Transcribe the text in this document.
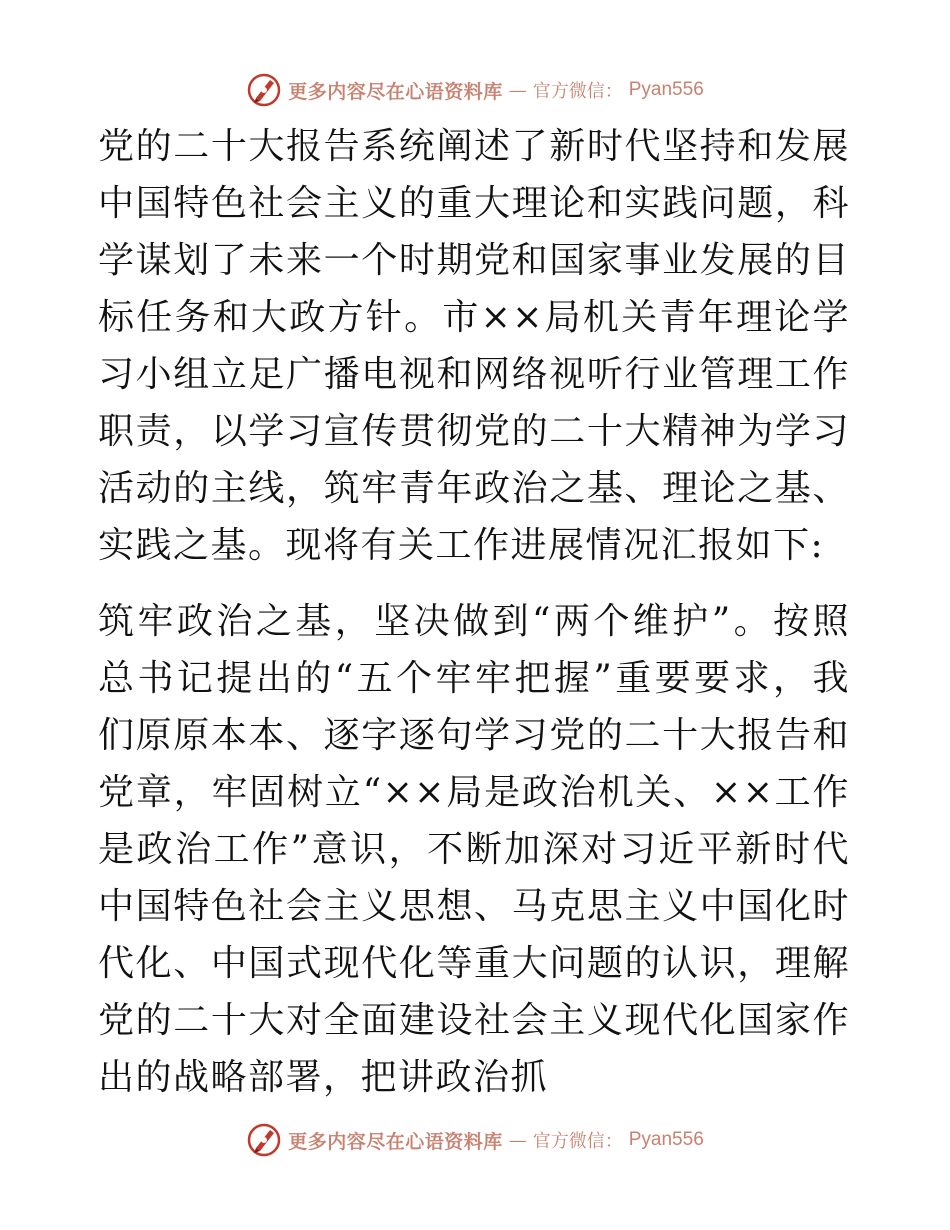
更多内容尽在心语资料库 — 官方微信： Pyan556

党的二十大报告系统阐述了新时代坚持和发展中国特色社会主义的重大理论和实践问题，科学谋划了未来一个时期党和国家事业发展的目标任务和大政方针。市××局机关青年理论学习小组立足广播电视和网络视听行业管理工作职责，以学习宣传贯彻党的二十大精神为学习活动的主线，筑牢青年政治之基、理论之基、实践之基。现将有关工作进展情况汇报如下:

筑牢政治之基，坚决做到“两个维护”。按照总书记提出的“五个牢牢把握”重要要求，我们原原本本、逐字逐句学习党的二十大报告和党章，牢固树立“××局是政治机关、××工作是政治工作”意识，不断加深对习近平新时代中国特色社会主义思想、马克思主义中国化时代化、中国式现代化等重大问题的认识，理解党的二十大对全面建设社会主义现代化国家作出的战略部署，把讲政治抓

更多内容尽在心语资料库 — 官方微信： Pyan556
